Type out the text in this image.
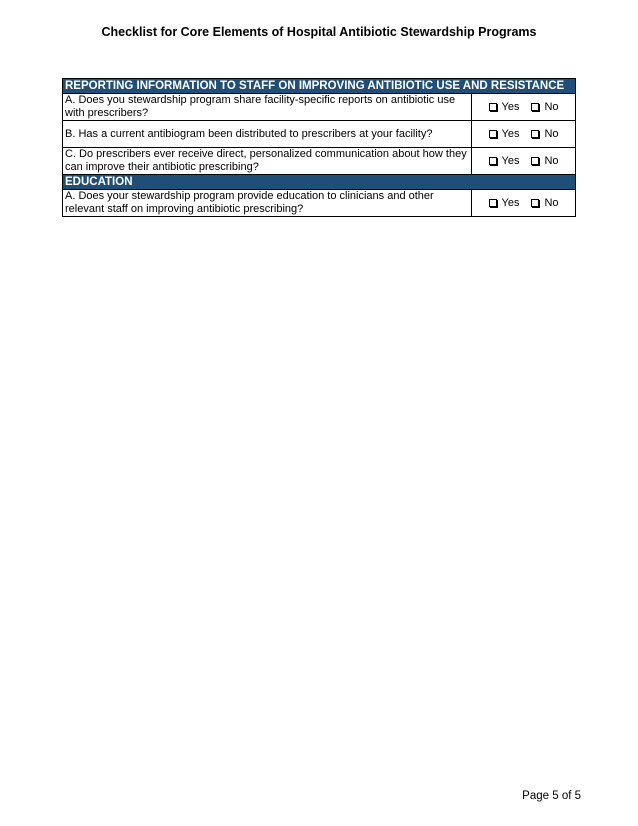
Checklist for Core Elements of Hospital Antibiotic Stewardship Programs
REPORTING INFORMATION TO STAFF ON IMPROVING ANTIBIOTIC USE AND RESISTANCE	
A. Does you stewardship program share facility-specific reports on antibiotic use with prescribers?	Yes No
B. Has a current antibiogram been distributed to prescribers at your facility?	Yes No
C. Do prescribers ever receive direct, personalized communication about how they can improve their antibiotic prescribing?	Yes No
EDUCATION	
A. Does your stewardship program provide education to clinicians and other relevant staff on improving antibiotic prescribing?	Yes No
Page 5 of 5
